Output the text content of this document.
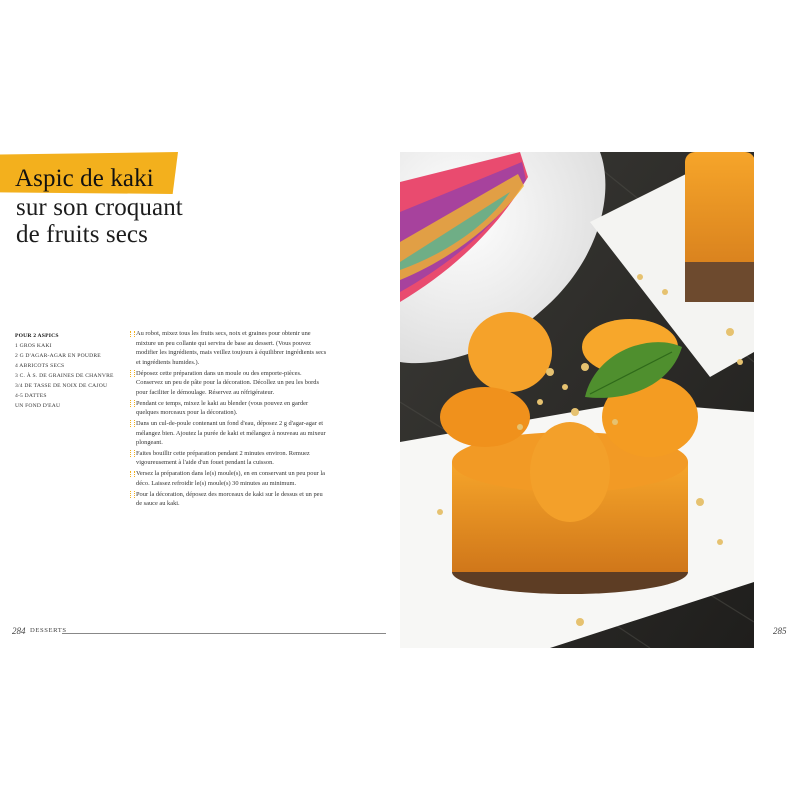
Aspic de kaki
sur son croquant
de fruits secs
POUR 2 ASPICS
1 GROS KAKI
2 G D'AGAR-AGAR EN POUDRE
4 ABRICOTS SECS
3 C. À S. DE GRAINES DE CHANVRE
3/4 DE TASSE DE NOIX DE CAJOU
4-5 DATTES
UN FOND D'EAU
Au robot, mixez tous les fruits secs, noix et graines pour obtenir une mixture un peu collante qui servira de base au dessert. (Vous pouvez modifier les ingrédients, mais veillez toujours à équilibrer ingrédients secs et ingrédients humides.).
Déposez cette préparation dans un moule ou des emporte-pièces. Conservez un peu de pâte pour la décoration. Décollez un peu les bords pour faciliter le démoulage. Réservez au réfrigérateur.
Pendant ce temps, mixez le kaki au blender (vous pouvez en garder quelques morceaux pour la décoration).
Dans un cul-de-poule contenant un fond d'eau, déposez 2 g d'agar-agar et mélangez bien. Ajoutez la purée de kaki et mélangez à nouveau au mixeur plongeant.
Faites bouillir cette préparation pendant 2 minutes environ. Remuez vigoureusement à l'aide d'un fouet pendant la cuisson.
Versez la préparation dans le(s) moule(s), en en conservant un peu pour la déco. Laissez refroidir le(s) moule(s) 30 minutes au minimum.
Pour la décoration, déposez des morceaux de kaki sur le dessus et un peu de sauce au kaki.
284 DESSERTS	285
